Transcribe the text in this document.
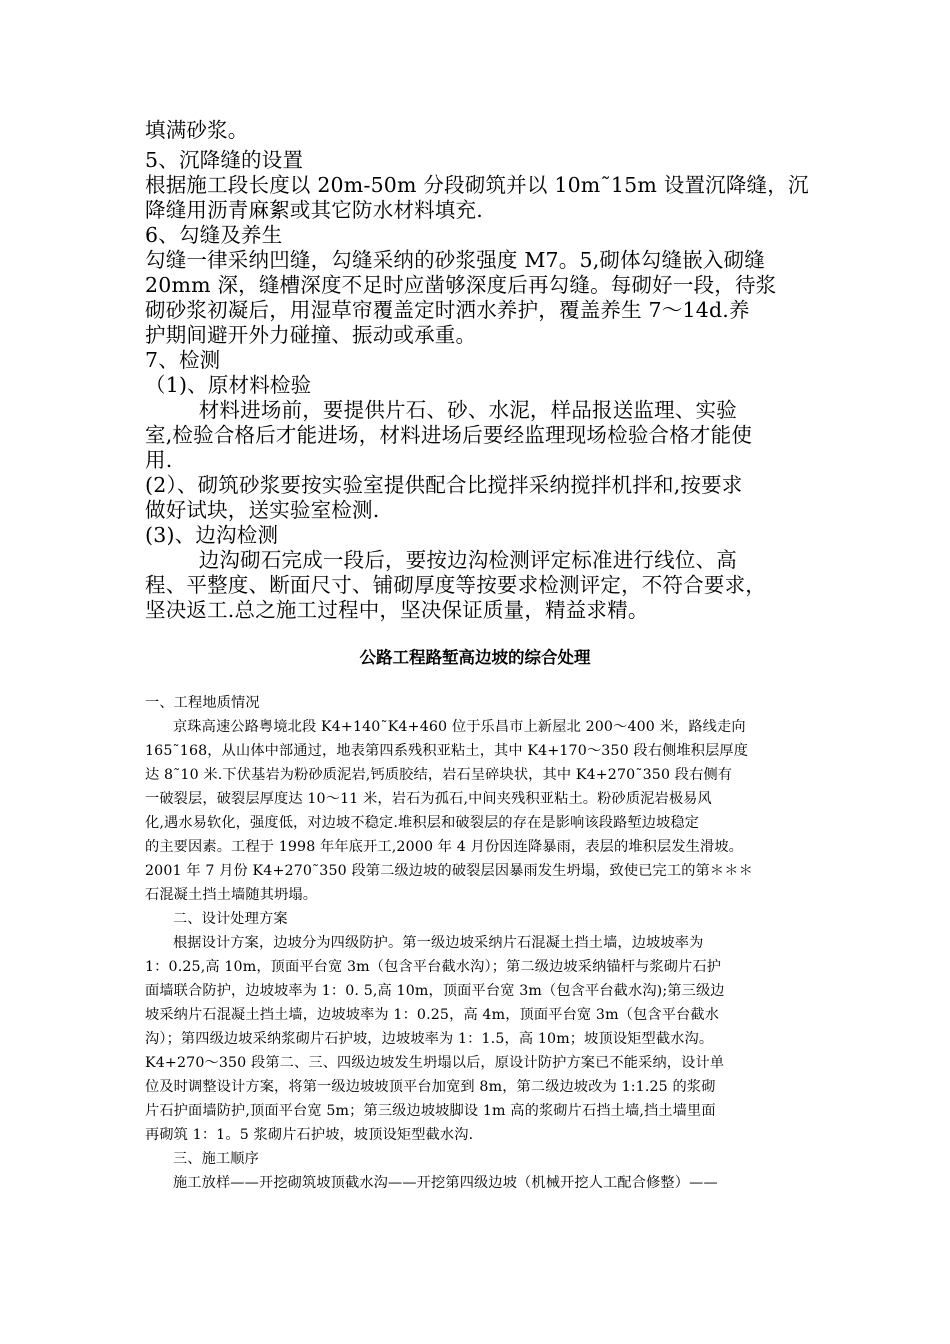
填满砂浆。
5、沉降缝的设置
根据施工段长度以 20m-50m 分段砌筑并以 10m˜15m 设置沉降缝，沉
降缝用沥青麻絮或其它防水材料填充.
6、勾缝及养生
勾缝一律采纳凹缝，勾缝采纳的砂浆强度 M7。5,砌体勾缝嵌入砌缝
20mm 深，缝槽深度不足时应凿够深度后再勾缝。每砌好一段，待浆
砌砂浆初凝后，用湿草帘覆盖定时洒水养护，覆盖养生 7～14d.养
护期间避开外力碰撞、振动或承重。
7、检测
（1)、原材料检验
材料进场前，要提供片石、砂、水泥，样品报送监理、实验
室,检验合格后才能进场，材料进场后要经监理现场检验合格才能使
用.
(2）、砌筑砂浆要按实验室提供配合比搅拌采纳搅拌机拌和,按要求
做好试块，送实验室检测.
(3)、边沟检测
边沟砌石完成一段后，要按边沟检测评定标准进行线位、高
程、平整度、断面尺寸、铺砌厚度等按要求检测评定，不符合要求，
坚决返工.总之施工过程中，坚决保证质量，精益求精。
公路工程路堑高边坡的综合处理
一、工程地质情况
京珠高速公路粤境北段 K4+140˜K4+460 位于乐昌市上新屋北 200～400 米，路线走向
165˜168，从山体中部通过，地表第四系残积亚粘土，其中 K4+170～350 段右侧堆积层厚度
达 8˜10 米.下伏基岩为粉砂质泥岩,钙质胶结，岩石呈碎块状，其中 K4+270˜350 段右侧有
一破裂层，破裂层厚度达 10～11 米，岩石为孤石,中间夹残积亚粘土。粉砂质泥岩极易风
化,遇水易软化，强度低，对边坡不稳定.堆积层和破裂层的存在是影响该段路堑边坡稳定
的主要因素。工程于 1998 年年底开工,2000 年 4 月份因连降暴雨，表层的堆积层发生滑坡。
2001 年 7 月份 K4+270˜350 段第二级边坡的破裂层因暴雨发生坍塌，致使已完工的第＊＊＊
石混凝土挡土墙随其坍塌。
二、设计处理方案
根据设计方案，边坡分为四级防护。第一级边坡采纳片石混凝土挡土墙，边坡坡率为
1：0.25,高 10m，顶面平台宽 3m（包含平台截水沟）；第二级边坡采纳锚杆与浆砌片石护
面墙联合防护，边坡坡率为 1：0. 5,高 10m，顶面平台宽 3m（包含平台截水沟);第三级边
坡采纳片石混凝土挡土墙，边坡坡率为 1：0.25，高 4m，顶面平台宽 3m（包含平台截水
沟）；第四级边坡采纳浆砌片石护坡，边坡坡率为 1：1.5，高 10m；坡顶设矩型截水沟。
K4+270～350 段第二、三、四级边坡发生坍塌以后，原设计防护方案已不能采纳，设计单
位及时调整设计方案，将第一级边坡坡顶平台加宽到 8m，第二级边坡改为 1:1.25 的浆砌
片石护面墙防护,顶面平台宽 5m；第三级边坡坡脚设 1m 高的浆砌片石挡土墙,挡土墙里面
再砌筑 1：1。5 浆砌片石护坡，坡顶设矩型截水沟.
三、施工顺序
施工放样——开挖砌筑坡顶截水沟——开挖第四级边坡（机械开挖人工配合修整）——
